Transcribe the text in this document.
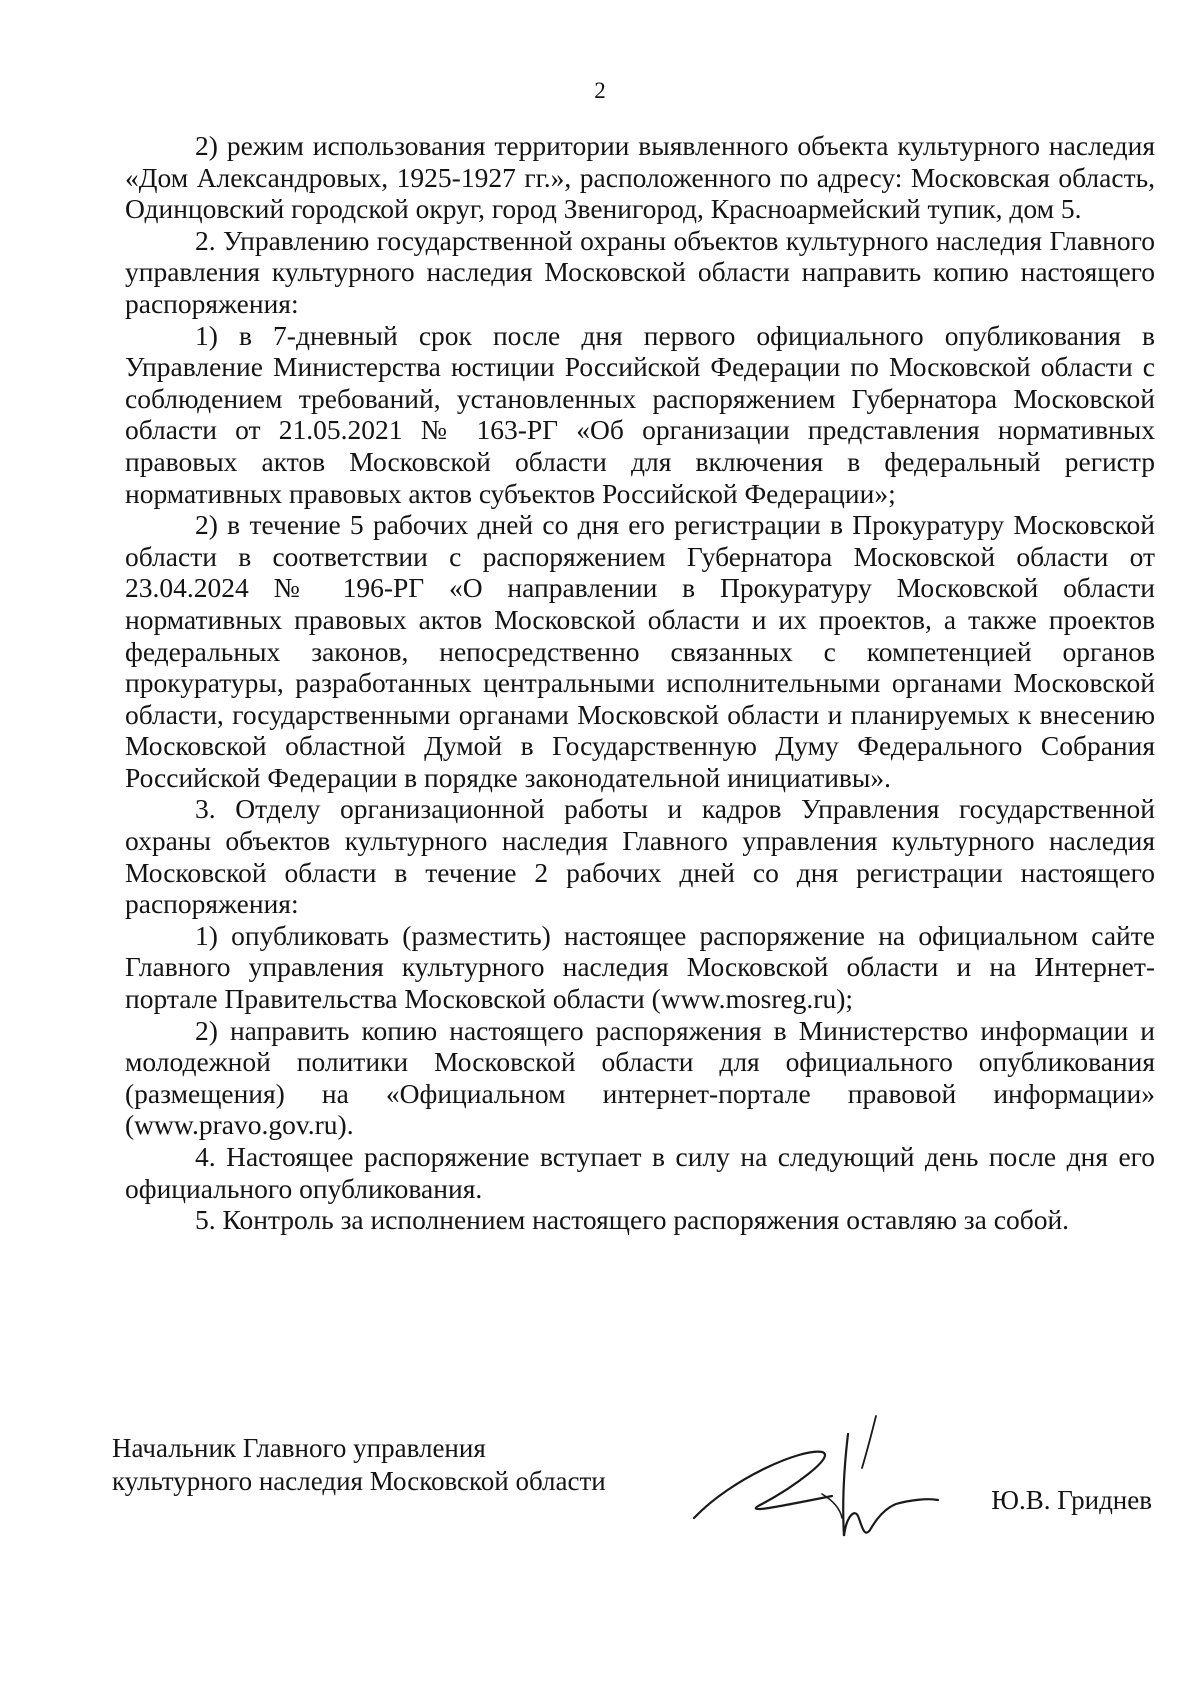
2

2) режим использования территории выявленного объекта культурного наследия «Дом Александровых, 1925-1927 гг.», расположенного по адресу: Московская область, Одинцовский городской округ, город Звенигород, Красноармейский тупик, дом 5.

2. Управлению государственной охраны объектов культурного наследия Главного управления культурного наследия Московской области направить копию настоящего распоряжения:

1) в 7-дневный срок после дня первого официального опубликования в Управление Министерства юстиции Российской Федерации по Московской области с соблюдением требований, установленных распоряжением Губернатора Московской области от 21.05.2021 № 163-РГ «Об организации представления нормативных правовых актов Московской области для включения в федеральный регистр нормативных правовых актов субъектов Российской Федерации»;

2) в течение 5 рабочих дней со дня его регистрации в Прокуратуру Московской области в соответствии с распоряжением Губернатора Московской области от 23.04.2024 № 196-РГ «О направлении в Прокуратуру Московской области нормативных правовых актов Московской области и их проектов, а также проектов федеральных законов, непосредственно связанных с компетенцией органов прокуратуры, разработанных центральными исполнительными органами Московской области, государственными органами Московской области и планируемых к внесению Московской областной Думой в Государственную Думу Федерального Собрания Российской Федерации в порядке законодательной инициативы».

3. Отделу организационной работы и кадров Управления государственной охраны объектов культурного наследия Главного управления культурного наследия Московской области в течение 2 рабочих дней со дня регистрации настоящего распоряжения:

1) опубликовать (разместить) настоящее распоряжение на официальном сайте Главного управления культурного наследия Московской области и на Интернет-портале Правительства Московской области (www.mosreg.ru);

2) направить копию настоящего распоряжения в Министерство информации и молодежной политики Московской области для официального опубликования (размещения) на «Официальном интернет-портале правовой информации» (www.pravo.gov.ru).

4. Настоящее распоряжение вступает в силу на следующий день после дня его официального опубликования.

5. Контроль за исполнением настоящего распоряжения оставляю за собой.

Начальник Главного управления
культурного наследия Московской области
Ю.В. Гриднев
